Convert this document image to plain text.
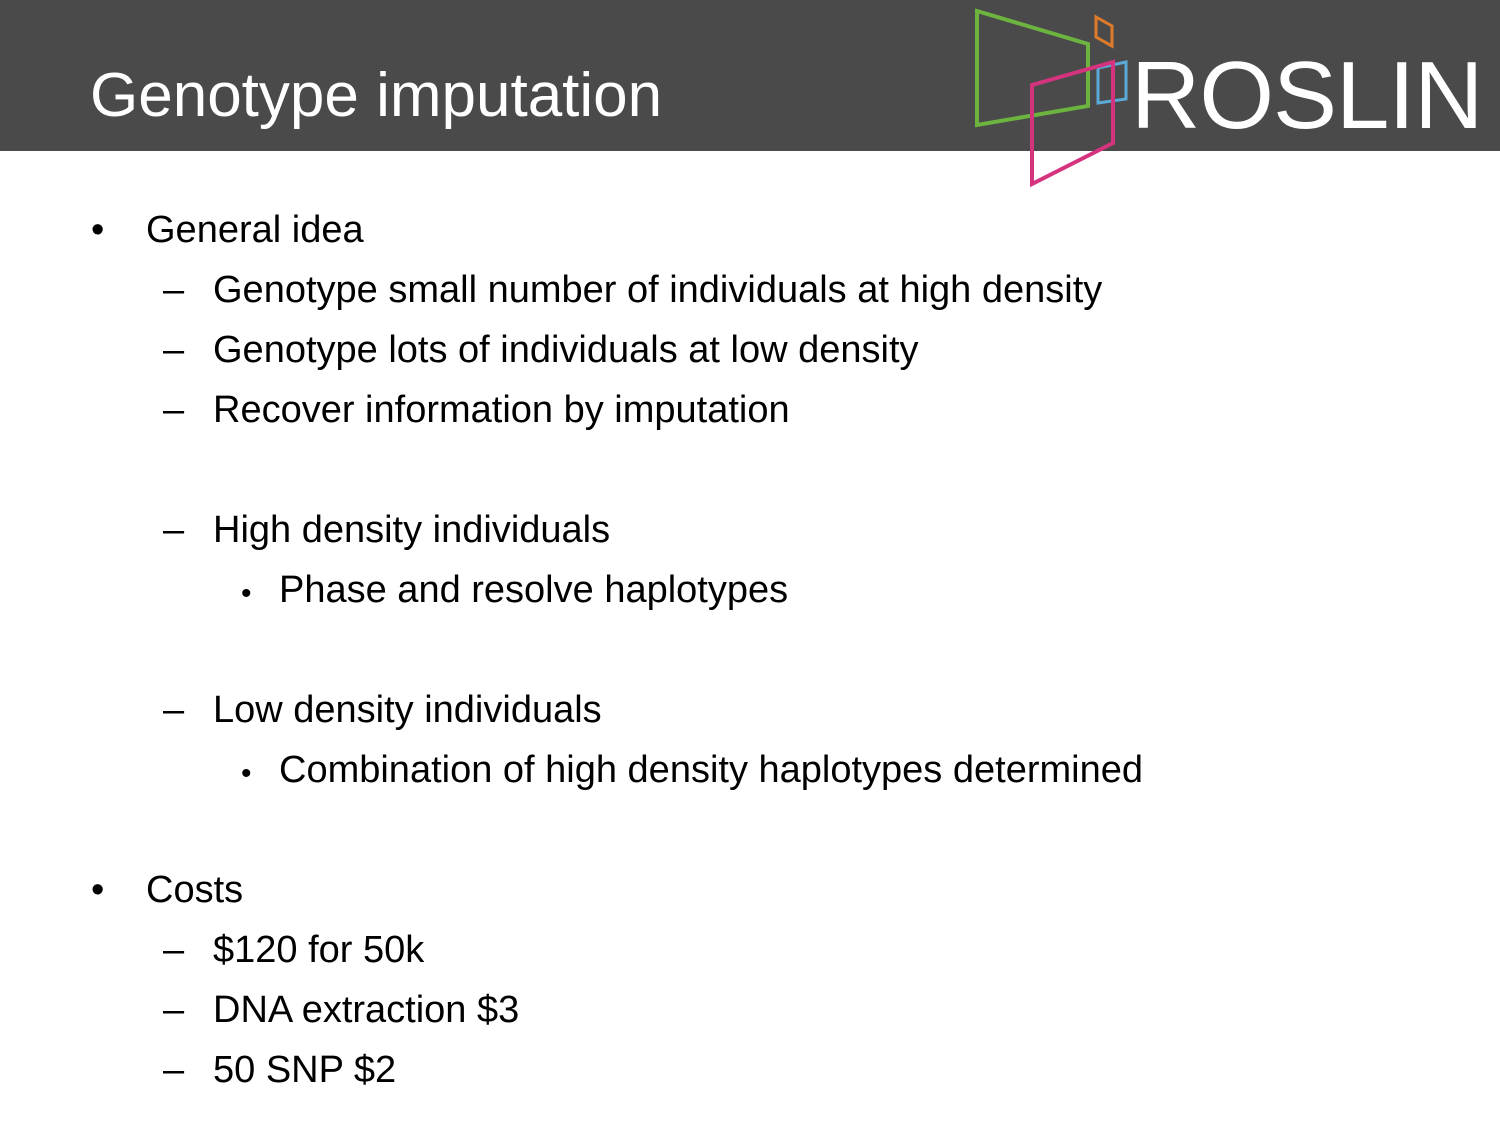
Genotype imputation	ROSLIN
• General idea
– Genotype small number of individuals at high density
– Genotype lots of individuals at low density
– Recover information by imputation
– High density individuals
• Phase and resolve haplotypes
– Low density individuals
• Combination of high density haplotypes determined
• Costs
– $120 for 50k
– DNA extraction $3
– 50 SNP $2
